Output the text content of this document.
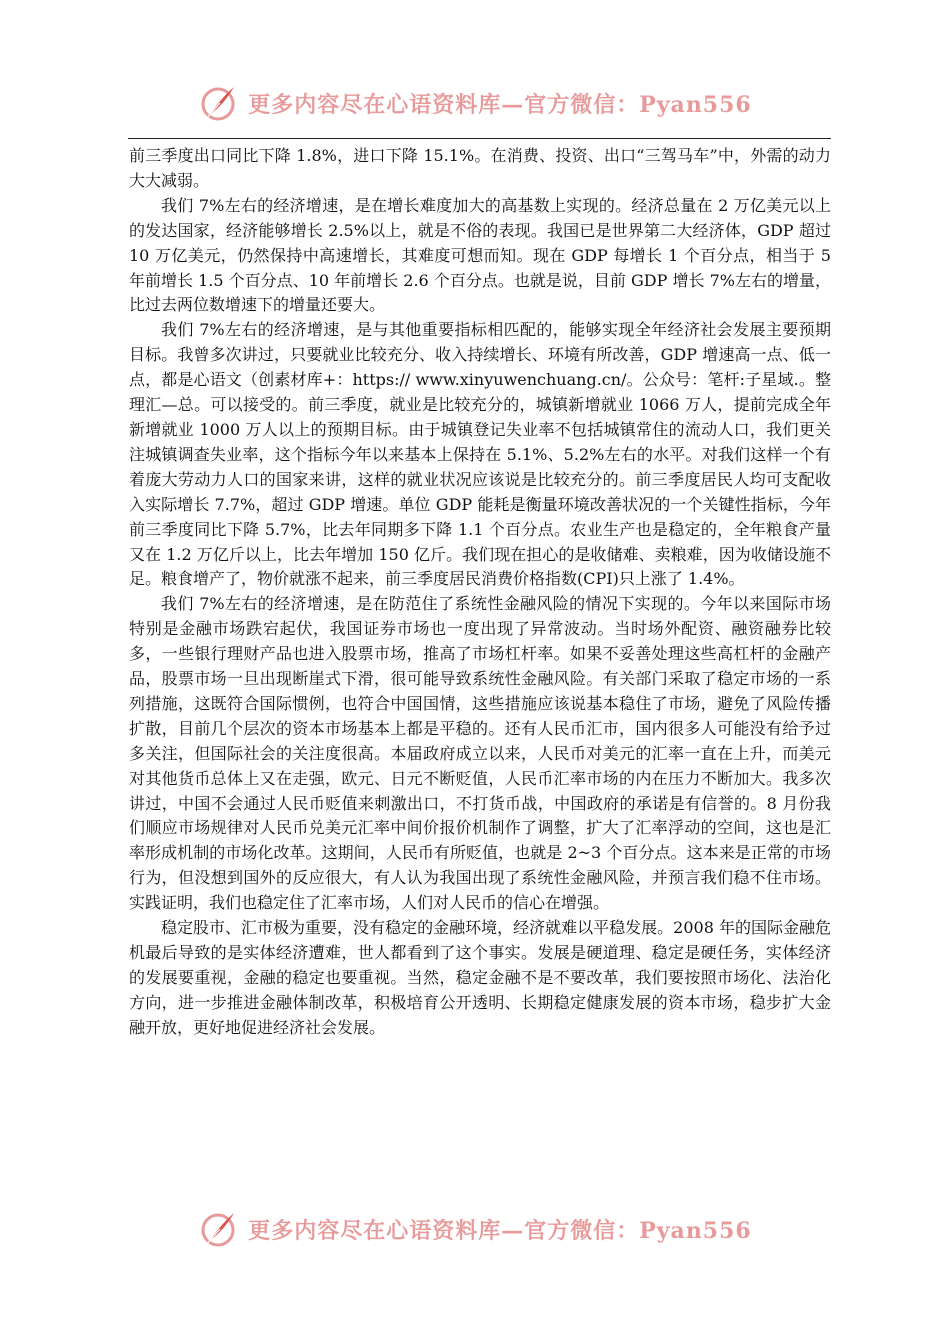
更多内容尽在心语资料库—官方微信：Pyan556

前三季度出口同比下降 1.8%，进口下降 15.1%。在消费、投资、出口“三驾马车”中，外需的动力大大减弱。

我们 7%左右的经济增速，是在增长难度加大的高基数上实现的。经济总量在 2 万亿美元以上的发达国家，经济能够增长 2.5%以上，就是不俗的表现。我国已是世界第二大经济体，GDP 超过 10 万亿美元，仍然保持中高速增长，其难度可想而知。现在 GDP 每增长 1 个百分点，相当于 5 年前增长 1.5 个百分点、10 年前增长 2.6 个百分点。也就是说，目前 GDP 增长 7%左右的增量，比过去两位数增速下的增量还要大。

我们 7%左右的经济增速，是与其他重要指标相匹配的，能够实现全年经济社会发展主要预期目标。我曾多次讲过，只要就业比较充分、收入持续增长、环境有所改善，GDP 增速高一点、低一点，都是心语文（创素材库+：https:// www.xinyuwenchuang.cn/。公众号：笔杆:子星域.。整理汇—总。可以接受的。前三季度，就业是比较充分的，城镇新增就业 1066 万人，提前完成全年新增就业 1000 万人以上的预期目标。由于城镇登记失业率不包括城镇常住的流动人口，我们更关注城镇调查失业率，这个指标今年以来基本上保持在 5.1%、5.2%左右的水平。对我们这样一个有着庞大劳动力人口的国家来讲，这样的就业状况应该说是比较充分的。前三季度居民人均可支配收入实际增长 7.7%，超过 GDP 增速。单位 GDP 能耗是衡量环境改善状况的一个关键性指标，今年前三季度同比下降 5.7%，比去年同期多下降 1.1 个百分点。农业生产也是稳定的，全年粮食产量又在 1.2 万亿斤以上，比去年增加 150 亿斤。我们现在担心的是收储难、卖粮难，因为收储设施不足。粮食增产了，物价就涨不起来，前三季度居民消费价格指数(CPI)只上涨了 1.4%。

我们 7%左右的经济增速，是在防范住了系统性金融风险的情况下实现的。今年以来国际市场特别是金融市场跌宕起伏，我国证券市场也一度出现了异常波动。当时场外配资、融资融券比较多，一些银行理财产品也进入股票市场，推高了市场杠杆率。如果不妥善处理这些高杠杆的金融产品，股票市场一旦出现断崖式下滑，很可能导致系统性金融风险。有关部门采取了稳定市场的一系列措施，这既符合国际惯例，也符合中国国情，这些措施应该说基本稳住了市场，避免了风险传播扩散，目前几个层次的资本市场基本上都是平稳的。还有人民币汇市，国内很多人可能没有给予过多关注，但国际社会的关注度很高。本届政府成立以来，人民币对美元的汇率一直在上升，而美元对其他货币总体上又在走强，欧元、日元不断贬值，人民币汇率市场的内在压力不断加大。我多次讲过，中国不会通过人民币贬值来刺激出口，不打货币战，中国政府的承诺是有信誉的。8 月份我们顺应市场规律对人民币兑美元汇率中间价报价机制作了调整，扩大了汇率浮动的空间，这也是汇率形成机制的市场化改革。这期间，人民币有所贬值，也就是 2~3 个百分点。这本来是正常的市场行为，但没想到国外的反应很大，有人认为我国出现了系统性金融风险，并预言我们稳不住市场。实践证明，我们也稳定住了汇率市场，人们对人民币的信心在增强。

稳定股市、汇市极为重要，没有稳定的金融环境，经济就难以平稳发展。2008 年的国际金融危机最后导致的是实体经济遭难，世人都看到了这个事实。发展是硬道理、稳定是硬任务，实体经济的发展要重视，金融的稳定也要重视。当然，稳定金融不是不要改革，我们要按照市场化、法治化方向，进一步推进金融体制改革，积极培育公开透明、长期稳定健康发展的资本市场，稳步扩大金融开放，更好地促进经济社会发展。

更多内容尽在心语资料库—官方微信：Pyan556
